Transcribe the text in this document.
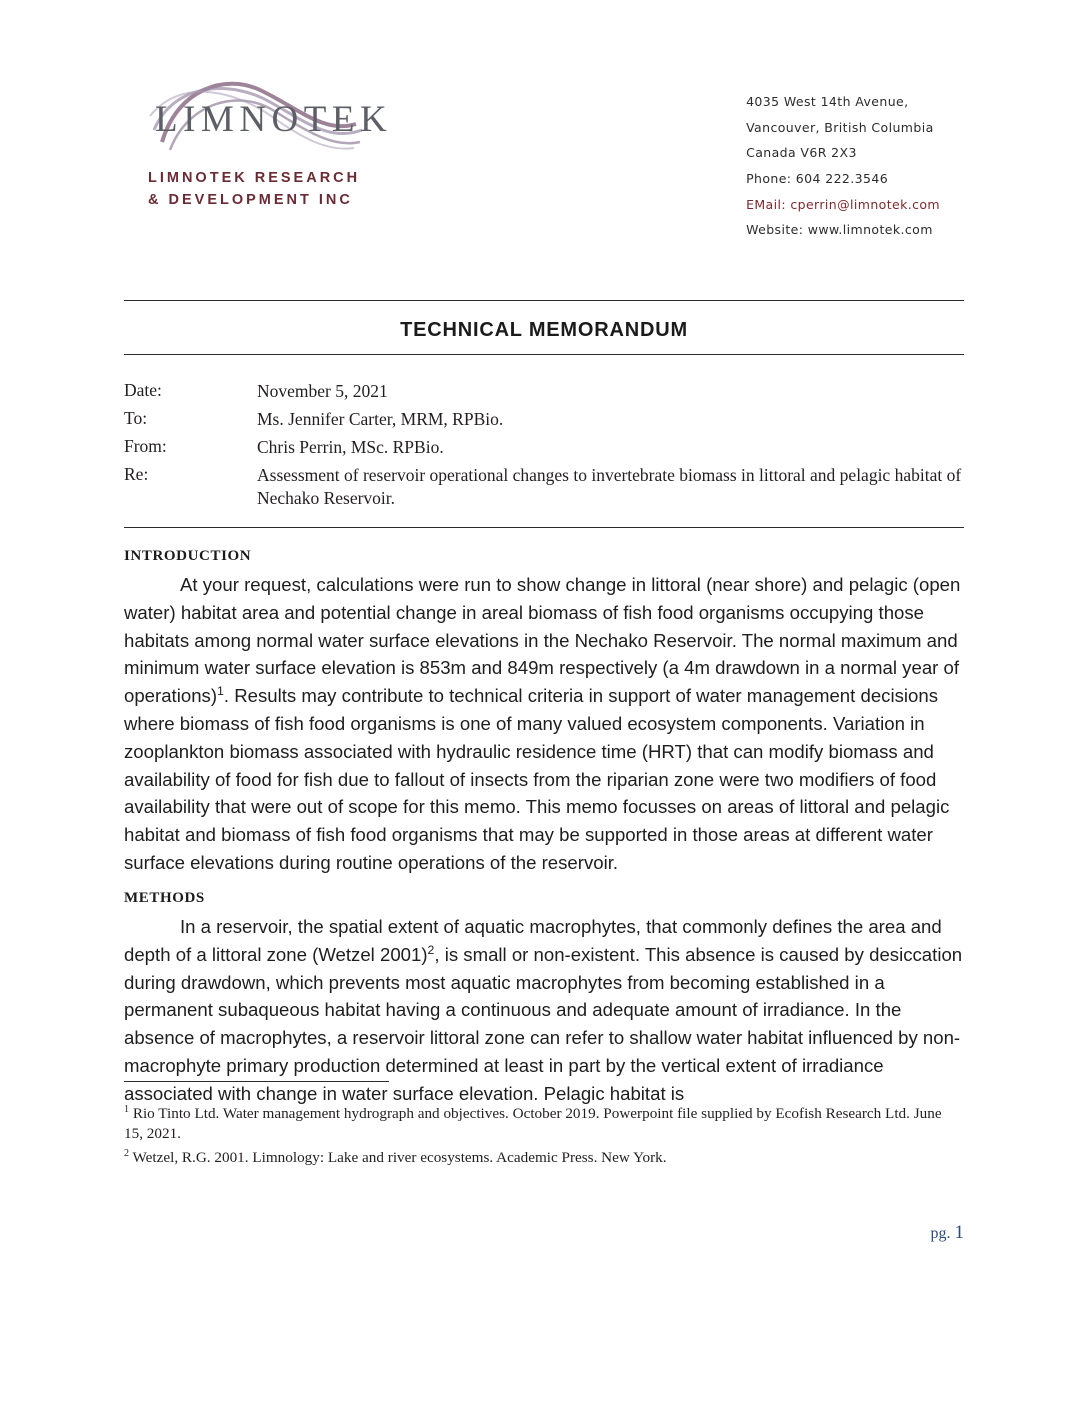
LIMNOTEK
LIMNOTEK RESEARCH
& DEVELOPMENT INC
4035 West 14th Avenue,
Vancouver, British Columbia
Canada V6R 2X3
Phone: 604 222.3546
EMail: cperrin@limnotek.com
Website: www.limnotek.com
TECHNICAL MEMORANDUM
Date:	November 5, 2021
To:	Ms. Jennifer Carter, MRM, RPBio.
From:	Chris Perrin, MSc. RPBio.
Re:	Assessment of reservoir operational changes to invertebrate biomass in littoral and pelagic habitat of Nechako Reservoir.
INTRODUCTION
At your request, calculations were run to show change in littoral (near shore) and pelagic (open water) habitat area and potential change in areal biomass of fish food organisms occupying those habitats among normal water surface elevations in the Nechako Reservoir. The normal maximum and minimum water surface elevation is 853m and 849m respectively (a 4m drawdown in a normal year of operations)$^1$. Results may contribute to technical criteria in support of water management decisions where biomass of fish food organisms is one of many valued ecosystem components. Variation in zooplankton biomass associated with hydraulic residence time (HRT) that can modify biomass and availability of food for fish due to fallout of insects from the riparian zone were two modifiers of food availability that were out of scope for this memo. This memo focusses on areas of littoral and pelagic habitat and biomass of fish food organisms that may be supported in those areas at different water surface elevations during routine operations of the reservoir.
METHODS
In a reservoir, the spatial extent of aquatic macrophytes, that commonly defines the area and depth of a littoral zone (Wetzel 2001)$^2$, is small or non-existent. This absence is caused by desiccation during drawdown, which prevents most aquatic macrophytes from becoming established in a permanent subaqueous habitat having a continuous and adequate amount of irradiance. In the absence of macrophytes, a reservoir littoral zone can refer to shallow water habitat influenced by non-macrophyte primary production determined at least in part by the vertical extent of irradiance associated with change in water surface elevation. Pelagic habitat is
$^1$ Rio Tinto Ltd. Water management hydrograph and objectives. October 2019. Powerpoint file supplied by Ecofish Research Ltd. June 15, 2021.
$^2$ Wetzel, R.G. 2001. Limnology: Lake and river ecosystems. Academic Press. New York.
pg. 1
